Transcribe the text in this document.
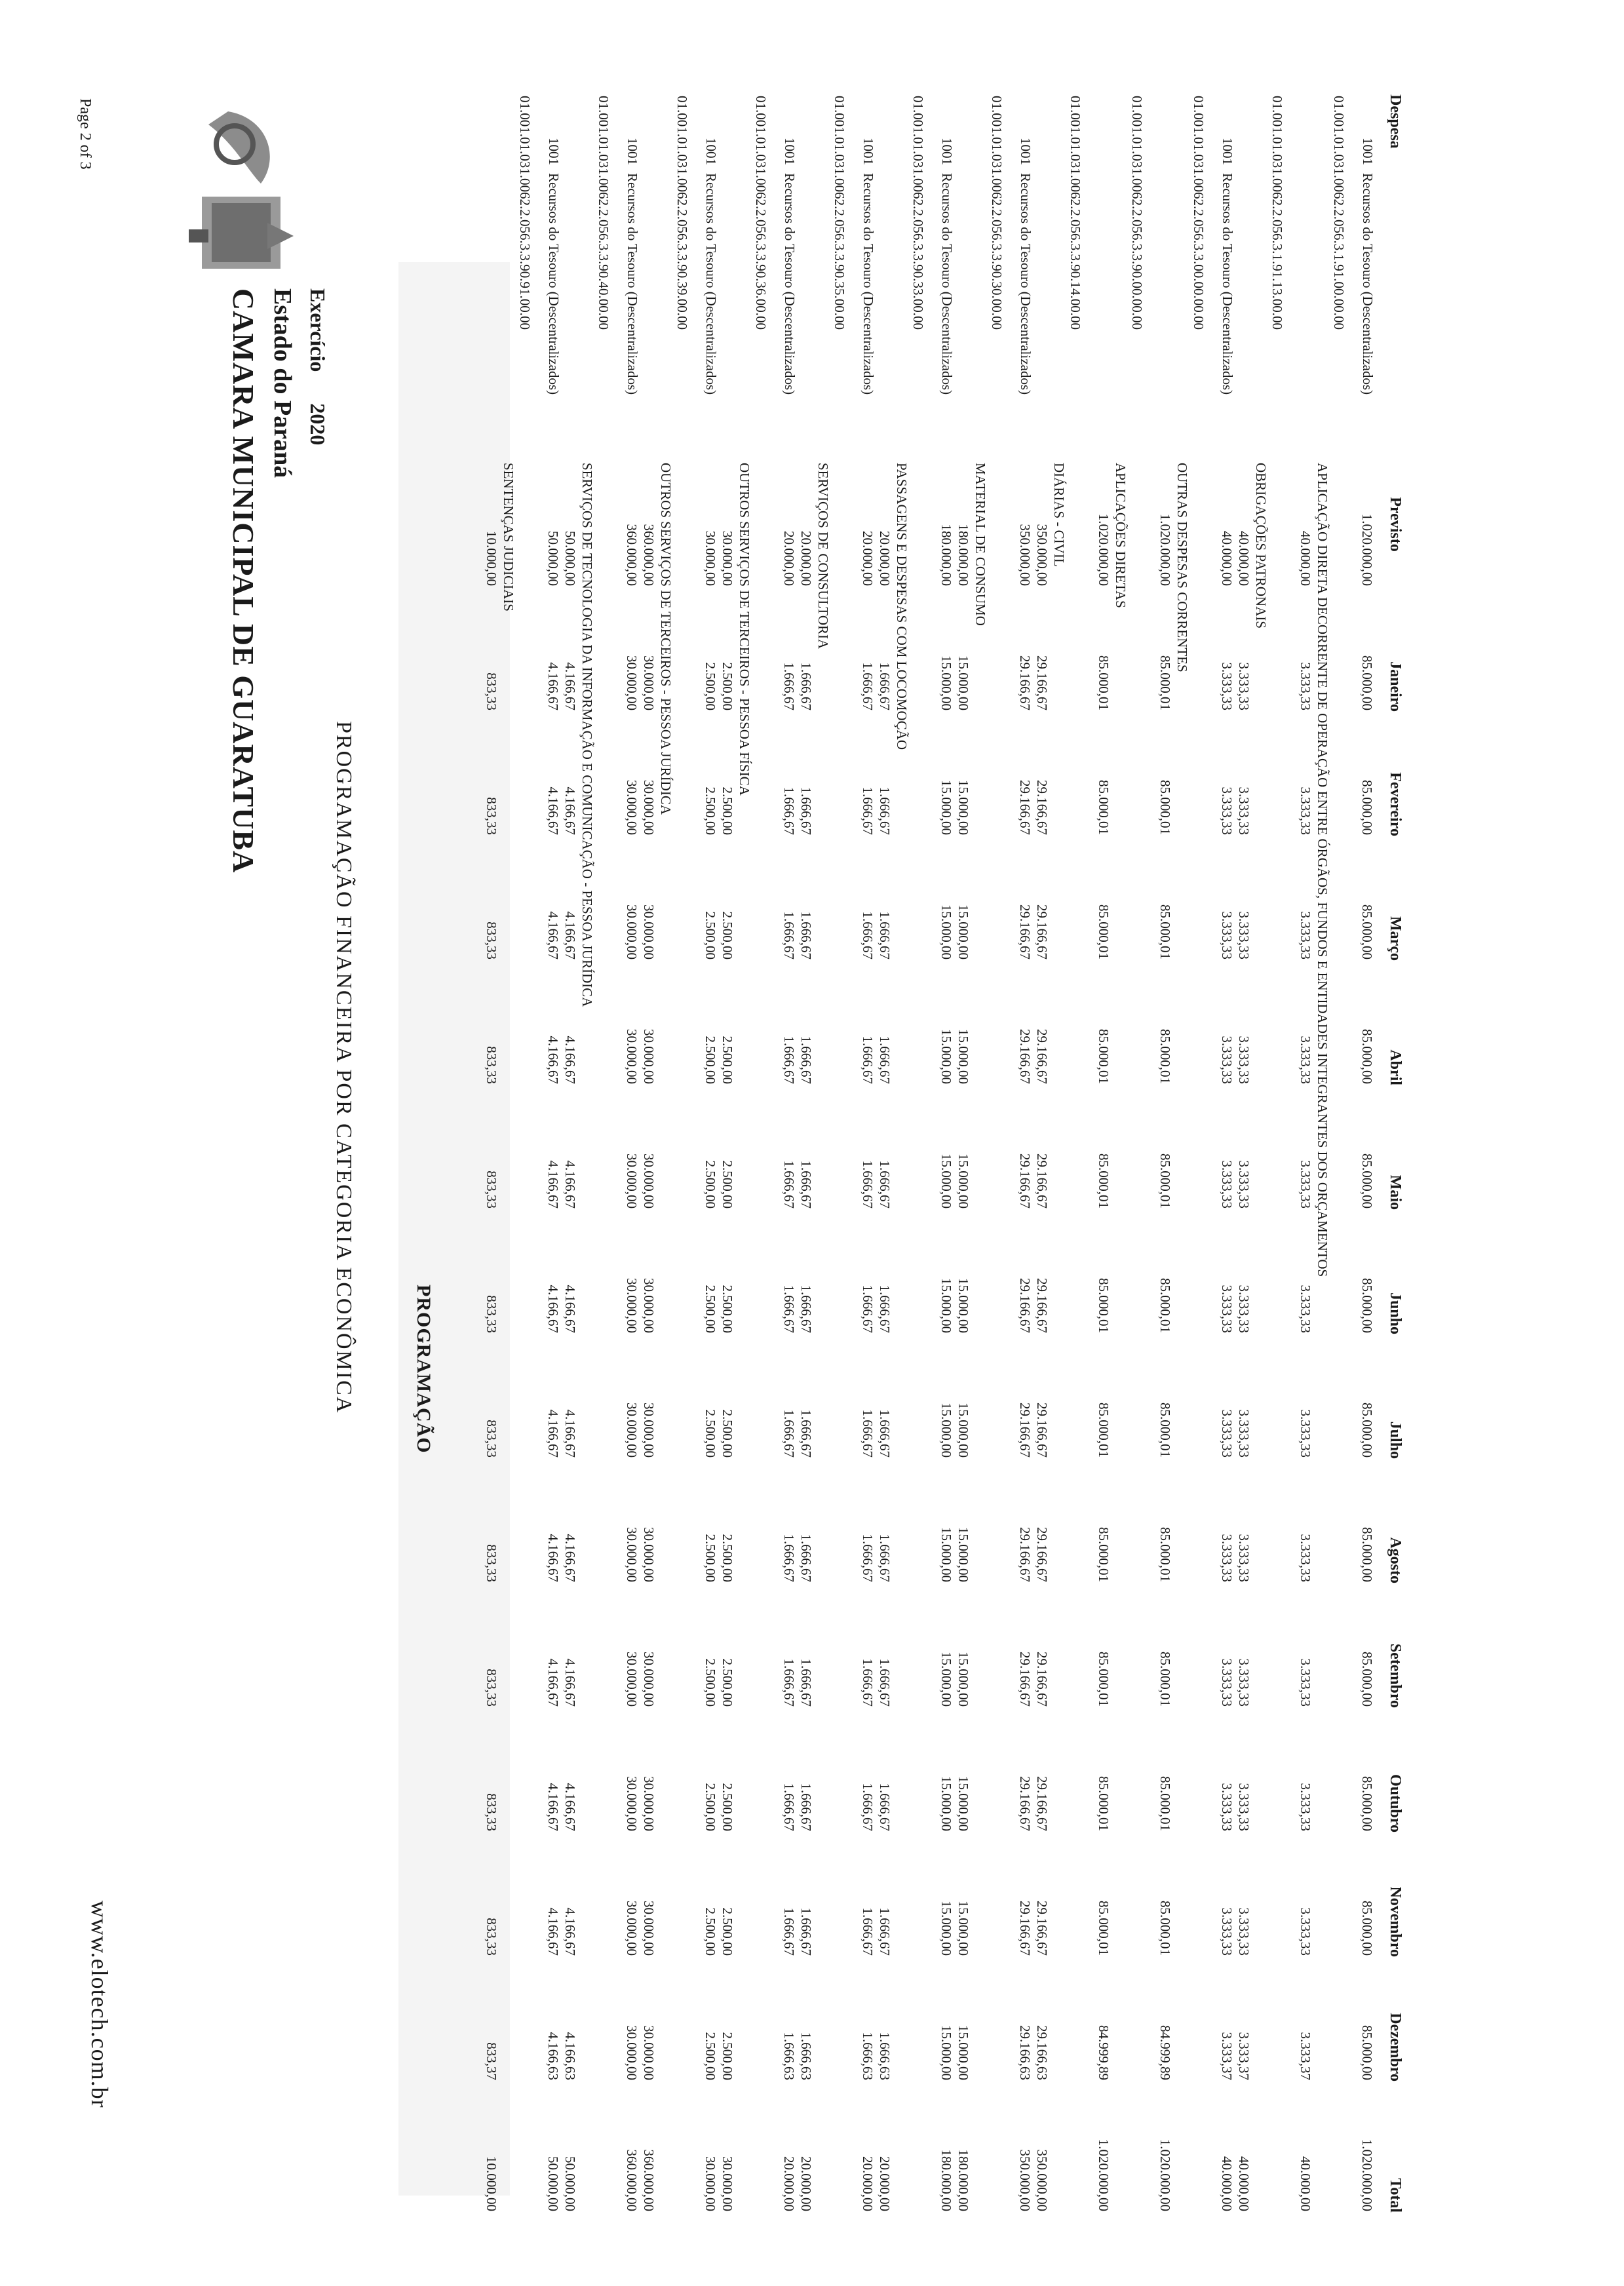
CAMARA MUNICIPAL DE GUARATUBA Estado do Paraná Exercício 2020
PROGRAMAÇÃO FINANCEIRA POR CATEGORIA ECONÔMICA	PROGRAMAÇÃO
Despesa	Previsto	Janeiro	Fevereiro	Março	Abril	Maio	Junho	Julho	Agosto	Setembro	Outubro	Novembro	Dezembro	Total
1001Recursos do Tesouro (Descentralizados)	1.020.000,00	85.000,00	85.000,00	85.000,00	85.000,00	85.000,00	85.000,00	85.000,00	85.000,00	85.000,00	85.000,00	85.000,00	85.000,00	1.020.000,00
01.001.01.031.0062.2.056.3.1.91.00.00.00														
	APLICAÇÃO DIRETA DECORRENTE DE OPERAÇÃO ENTRE ÓRGÃOS, FUNDOS E ENTIDADES INTEGRANTES DOS ORÇAMENTOS													
	40.000,00	3.333,33	3.333,33	3.333,33	3.333,33	3.333,33	3.333,33	3.333,33	3.333,33	3.333,33	3.333,33	3.333,33	3.333,37	40.000,00
01.001.01.031.0062.2.056.3.1.91.13.00.00														
	OBRIGAÇÕES PATRONAIS													
	40.000,00	3.333,33	3.333,33	3.333,33	3.333,33	3.333,33	3.333,33	3.333,33	3.333,33	3.333,33	3.333,33	3.333,33	3.333,37	40.000,00
1001Recursos do Tesouro (Descentralizados)	40.000,00	3.333,33	3.333,33	3.333,33	3.333,33	3.333,33	3.333,33	3.333,33	3.333,33	3.333,33	3.333,33	3.333,33	3.333,37	40.000,00
01.001.01.031.0062.2.056.3.3.00.00.00.00														
	OUTRAS DESPESAS CORRENTES													
	1.020.000,00	85.000,01	85.000,01	85.000,01	85.000,01	85.000,01	85.000,01	85.000,01	85.000,01	85.000,01	85.000,01	85.000,01	84.999,89	1.020.000,00
01.001.01.031.0062.2.056.3.3.90.00.00.00														
	APLICAÇÕES DIRETAS													
	1.020.000,00	85.000,01	85.000,01	85.000,01	85.000,01	85.000,01	85.000,01	85.000,01	85.000,01	85.000,01	85.000,01	85.000,01	84.999,89	1.020.000,00
01.001.01.031.0062.2.056.3.3.90.14.00.00														
	DIÁRIAS - CIVIL													
	350.000,00	29.166,67	29.166,67	29.166,67	29.166,67	29.166,67	29.166,67	29.166,67	29.166,67	29.166,67	29.166,67	29.166,67	29.166,63	350.000,00
1001Recursos do Tesouro (Descentralizados)	350.000,00	29.166,67	29.166,67	29.166,67	29.166,67	29.166,67	29.166,67	29.166,67	29.166,67	29.166,67	29.166,67	29.166,67	29.166,63	350.000,00
01.001.01.031.0062.2.056.3.3.90.30.00.00														
	MATERIAL DE CONSUMO													
	180.000,00	15.000,00	15.000,00	15.000,00	15.000,00	15.000,00	15.000,00	15.000,00	15.000,00	15.000,00	15.000,00	15.000,00	15.000,00	180.000,00
1001Recursos do Tesouro (Descentralizados)	180.000,00	15.000,00	15.000,00	15.000,00	15.000,00	15.000,00	15.000,00	15.000,00	15.000,00	15.000,00	15.000,00	15.000,00	15.000,00	180.000,00
01.001.01.031.0062.2.056.3.3.90.33.00.00														
	PASSAGENS E DESPESAS COM LOCOMOÇÃO													
	20.000,00	1.666,67	1.666,67	1.666,67	1.666,67	1.666,67	1.666,67	1.666,67	1.666,67	1.666,67	1.666,67	1.666,67	1.666,63	20.000,00
1001Recursos do Tesouro (Descentralizados)	20.000,00	1.666,67	1.666,67	1.666,67	1.666,67	1.666,67	1.666,67	1.666,67	1.666,67	1.666,67	1.666,67	1.666,67	1.666,63	20.000,00
01.001.01.031.0062.2.056.3.3.90.35.00.00														
	SERVIÇOS DE CONSULTORIA													
	20.000,00	1.666,67	1.666,67	1.666,67	1.666,67	1.666,67	1.666,67	1.666,67	1.666,67	1.666,67	1.666,67	1.666,67	1.666,63	20.000,00
1001Recursos do Tesouro (Descentralizados)	20.000,00	1.666,67	1.666,67	1.666,67	1.666,67	1.666,67	1.666,67	1.666,67	1.666,67	1.666,67	1.666,67	1.666,67	1.666,63	20.000,00
01.001.01.031.0062.2.056.3.3.90.36.00.00														
	OUTROS SERVIÇOS DE TERCEIROS - PESSOA FÍSICA													
	30.000,00	2.500,00	2.500,00	2.500,00	2.500,00	2.500,00	2.500,00	2.500,00	2.500,00	2.500,00	2.500,00	2.500,00	2.500,00	30.000,00
1001Recursos do Tesouro (Descentralizados)	30.000,00	2.500,00	2.500,00	2.500,00	2.500,00	2.500,00	2.500,00	2.500,00	2.500,00	2.500,00	2.500,00	2.500,00	2.500,00	30.000,00
01.001.01.031.0062.2.056.3.3.90.39.00.00														
	OUTROS SERVIÇOS DE TERCEIROS - PESSOA JURÍDICA													
	360.000,00	30.000,00	30.000,00	30.000,00	30.000,00	30.000,00	30.000,00	30.000,00	30.000,00	30.000,00	30.000,00	30.000,00	30.000,00	360.000,00
1001Recursos do Tesouro (Descentralizados)	360.000,00	30.000,00	30.000,00	30.000,00	30.000,00	30.000,00	30.000,00	30.000,00	30.000,00	30.000,00	30.000,00	30.000,00	30.000,00	360.000,00
01.001.01.031.0062.2.056.3.3.90.40.00.00														
	SERVIÇOS DE TECNOLOGIA DA INFORMAÇÃO E COMUNICAÇÃO - PESSOA JURÍDICA													
	50.000,00	4.166,67	4.166,67	4.166,67	4.166,67	4.166,67	4.166,67	4.166,67	4.166,67	4.166,67	4.166,67	4.166,67	4.166,63	50.000,00
1001Recursos do Tesouro (Descentralizados)	50.000,00	4.166,67	4.166,67	4.166,67	4.166,67	4.166,67	4.166,67	4.166,67	4.166,67	4.166,67	4.166,67	4.166,67	4.166,63	50.000,00
01.001.01.031.0062.2.056.3.3.90.91.00.00														
	SENTENÇAS JUDICIAIS													
	10.000,00	833,33	833,33	833,33	833,33	833,33	833,33	833,33	833,33	833,33	833,33	833,33	833,37	10.000,00
Page 2 of 3
www.elotech.com.br
